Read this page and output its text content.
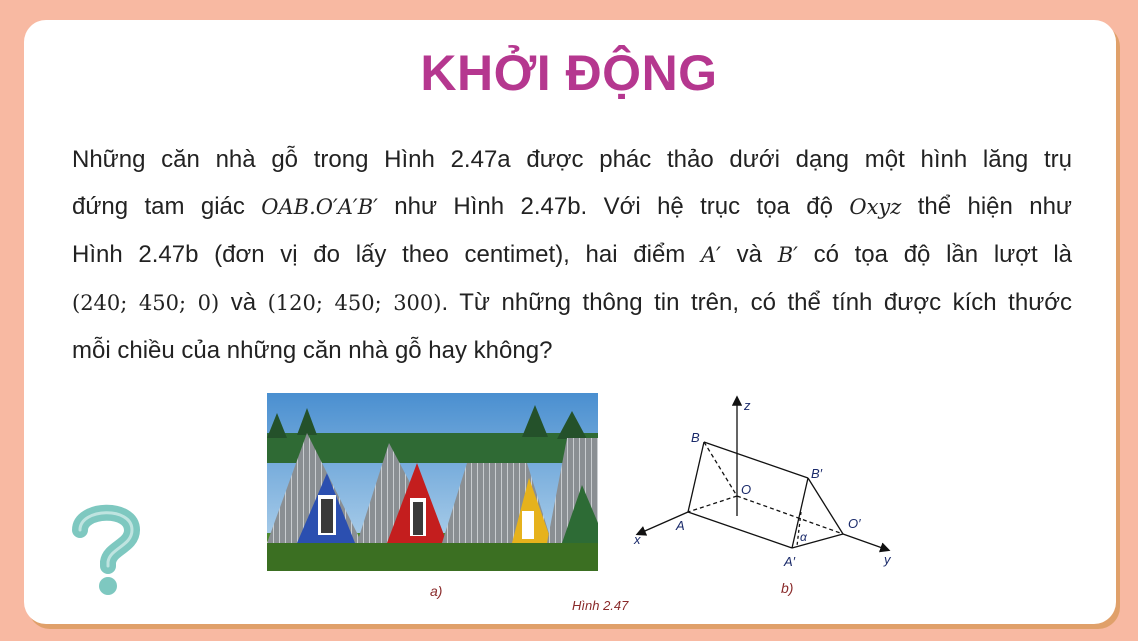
KHỞI ĐỘNG
Những căn nhà gỗ trong Hình 2.47a được phác thảo dưới dạng một hình lăng trụ
đứng tam giác OAB.O′A′B′ như Hình 2.47b. Với hệ trục tọa độ Oxyz thể hiện như
Hình 2.47b (đơn vị đo lấy theo centimet), hai điểm A′ và B′ có tọa độ lần lượt là
(240; 450; 0) và (120; 450; 300). Từ những thông tin trên, có thể tính được kích thước
mỗi chiều của những căn nhà gỗ hay không?
z
x
y
B
O
A
B′
O′
A′
α
a)	b)
Hình 2.47
